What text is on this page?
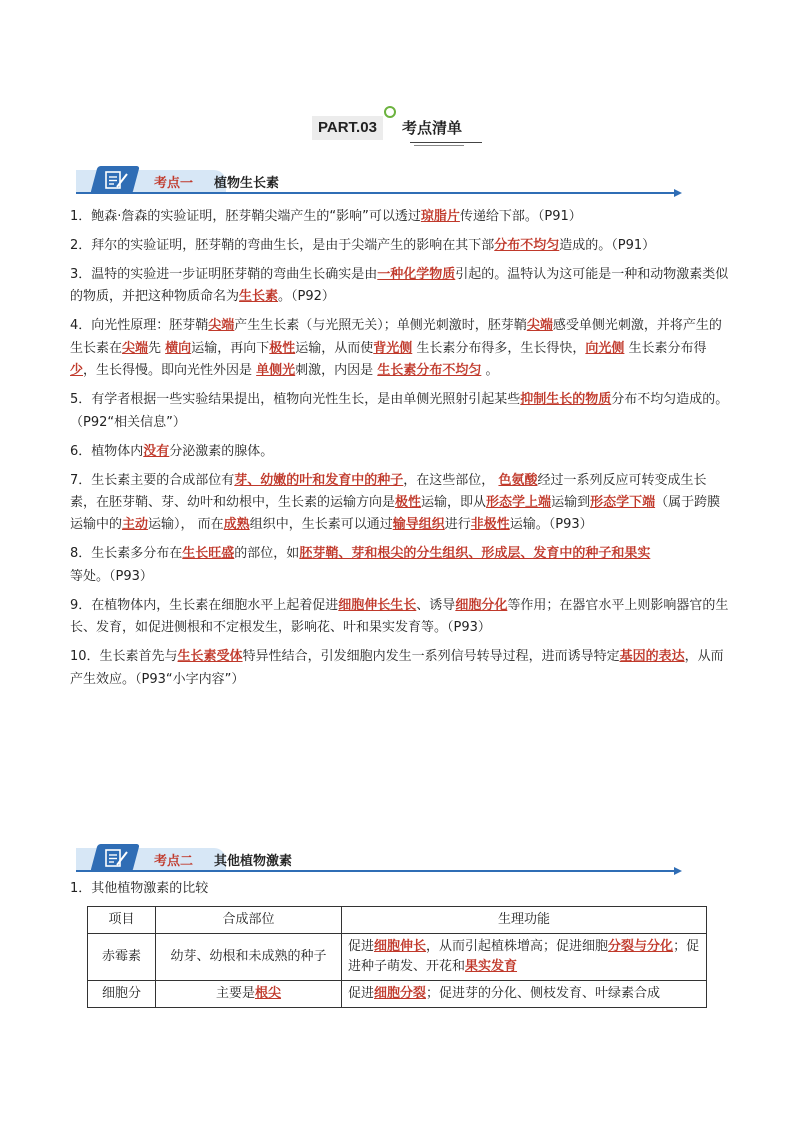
PART.03	考点清单
考点一 植物生长素

1．鲍森·詹森的实验证明，胚芽鞘尖端产生的“影响”可以透过琼脂片传递给下部。（P91）

2．拜尔的实验证明，胚芽鞘的弯曲生长，是由于尖端产生的影响在其下部分布不均匀造成的。（P91）

3．温特的实验进一步证明胚芽鞘的弯曲生长确实是由一种化学物质引起的。温特认为这可能是一种和动物激素类似的物质，并把这种物质命名为生长素。（P92）

4．向光性原理：胚芽鞘尖端产生生长素（与光照无关）；单侧光刺激时，胚芽鞘尖端感受单侧光刺激，并将产生的生长素在尖端先 横向运输，再向下极性运输，从而使背光侧 生长素分布得多，生长得快，向光侧 生长素分布得少，生长得慢。即向光性外因是 单侧光刺激，内因是 生长素分布不均匀 。

5．有学者根据一些实验结果提出，植物向光性生长，是由单侧光照射引起某些抑制生长的物质分布不均匀造成的。（P92“相关信息”）

6．植物体内没有分泌激素的腺体。

7．生长素主要的合成部位有芽、幼嫩的叶和发育中的种子，在这些部位， 色氨酸经过一系列反应可转变成生长素，在胚芽鞘、芽、幼叶和幼根中，生长素的运输方向是极性运输，即从形态学上端运输到形态学下端（属于跨膜运输中的主动运输）， 而在成熟组织中，生长素可以通过输导组织进行非极性运输。（P93）

8．生长素多分布在生长旺盛的部位，如胚芽鞘、芽和根尖的分生组织、形成层、发育中的种子和果实等处。（P93）

9．在植物体内，生长素在细胞水平上起着促进细胞伸长生长、诱导细胞分化等作用；在器官水平上则影响器官的生长、发育，如促进侧根和不定根发生，影响花、叶和果实发育等。（P93）

10．生长素首先与生长素受体特异性结合，引发细胞内发生一系列信号转导过程，进而诱导特定基因的表达，从而产生效应。（P93“小字内容”）

考点二 其他植物激素
1．其他植物激素的比较
项目	合成部位	生理功能
赤霉素	幼芽、幼根和未成熟的种子	促进细胞伸长，从而引起植株增高；促进细胞分裂与分化；促进种子萌发、开花和果实发育
细胞分	主要是根尖	促进细胞分裂；促进芽的分化、侧枝发育、叶绿素合成
